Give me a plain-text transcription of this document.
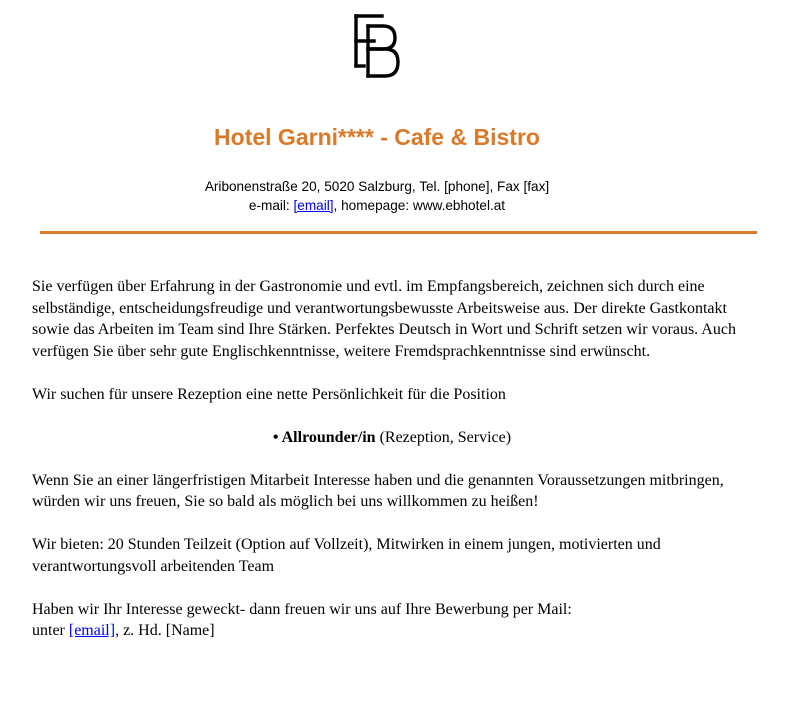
Hotel Garni**** - Cafe & Bistro
Aribonenstraße 20, 5020 Salzburg, Tel. [phone], Fax [fax]
e-mail: [email], homepage: www.ebhotel.at

Sie verfügen über Erfahrung in der Gastronomie und evtl. im Empfangsbereich, zeichnen sich durch eine selbständige, entscheidungsfreudige und verantwortungsbewusste Arbeitsweise aus. Der direkte Gastkontakt sowie das Arbeiten im Team sind Ihre Stärken. Perfektes Deutsch in Wort und Schrift setzen wir voraus. Auch verfügen Sie über sehr gute Englischkenntnisse, weitere Fremdsprachkenntnisse sind erwünscht.

Wir suchen für unsere Rezeption eine nette Persönlichkeit für die Position

• Allrounder/in (Rezeption, Service)

Wenn Sie an einer längerfristigen Mitarbeit Interesse haben und die genannten Voraussetzungen mitbringen, würden wir uns freuen, Sie so bald als möglich bei uns willkommen zu heißen!

Wir bieten: 20 Stunden Teilzeit (Option auf Vollzeit), Mitwirken in einem jungen, motivierten und verantwortungsvoll arbeitenden Team

Haben wir Ihr Interesse geweckt- dann freuen wir uns auf Ihre Bewerbung per Mail:
unter [email], z. Hd. [Name]
